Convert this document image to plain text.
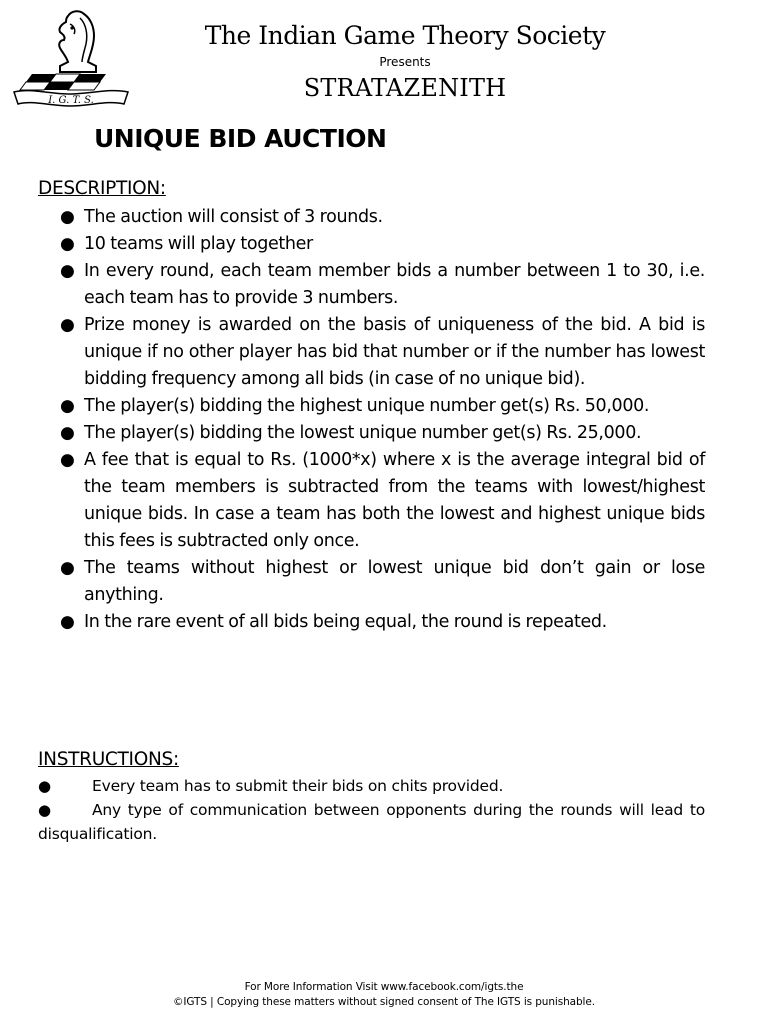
I. G. T. S.
The Indian Game Theory Society
Presents
STRATAZENITH
UNIQUE BID AUCTION
DESCRIPTION:
● The auction will consist of 3 rounds.
● 10 teams will play together
● In every round, each team member bids a number between 1 to 30, i.e. each team has to provide 3 numbers.
● Prize money is awarded on the basis of uniqueness of the bid. A bid is unique if no other player has bid that number or if the number has lowest bidding frequency among all bids (in case of no unique bid).
● The player(s) bidding the highest unique number get(s) Rs. 50,000.
● The player(s) bidding the lowest unique number get(s) Rs. 25,000.
● A fee that is equal to Rs. (1000*x) where x is the average integral bid of the team members is subtracted from the teams with lowest/highest unique bids. In case a team has both the lowest and highest unique bids this fees is subtracted only once.
● The teams without highest or lowest unique bid don’t gain or lose anything.
● In the rare event of all bids being equal, the round is repeated.
INSTRUCTIONS:
●	Every team has to submit their bids on chits provided.
●	Any type of communication between opponents during the rounds will lead to disqualification.
For More Information Visit www.facebook.com/igts.the
©IGTS | Copying these matters without signed consent of The IGTS is punishable.
